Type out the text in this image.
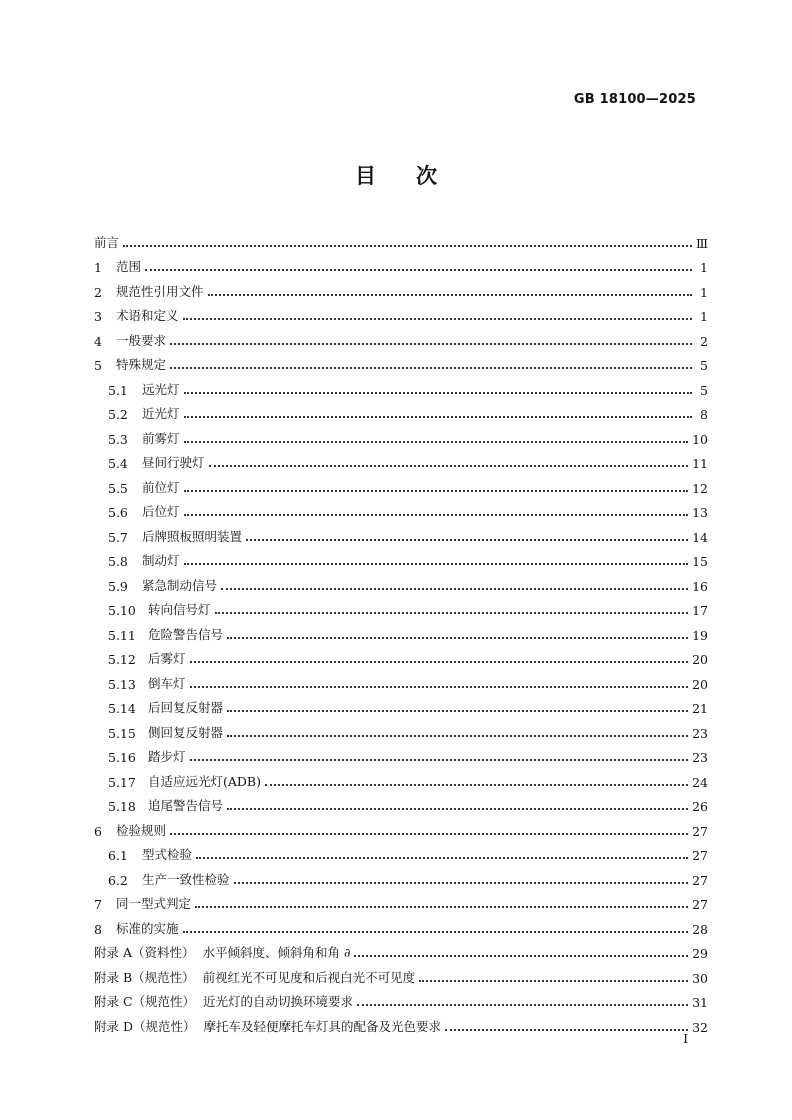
GB 18100—2025
目次
前言	Ⅲ
1	范围	1
2	规范性引用文件	1
3	术语和定义	1
4	一般要求	2
5	特殊规定	5
5.1	远光灯	5
5.2	近光灯	8
5.3	前雾灯	10
5.4	昼间行驶灯	11
5.5	前位灯	12
5.6	后位灯	13
5.7	后牌照板照明装置	14
5.8	制动灯	15
5.9	紧急制动信号	16
5.10 转向信号灯	17
5.11 危险警告信号	19
5.12 后雾灯	20
5.13 倒车灯	20
5.14 后回复反射器	21
5.15 侧回复反射器	23
5.16 踏步灯	23
5.17 自适应远光灯(ADB)	24
5.18 追尾警告信号	26
6	检验规则	27
6.1	型式检验	27
6.2	生产一致性检验	27
7	同一型式判定	27
8	标准的实施	28
附录 A（资料性） 水平倾斜度、倾斜角和角 ∂	29
附录 B（规范性） 前视红光不可见度和后视白光不可见度	30
附录 C（规范性） 近光灯的自动切换环境要求	31
附录 D（规范性） 摩托车及轻便摩托车灯具的配备及光色要求	32
I
